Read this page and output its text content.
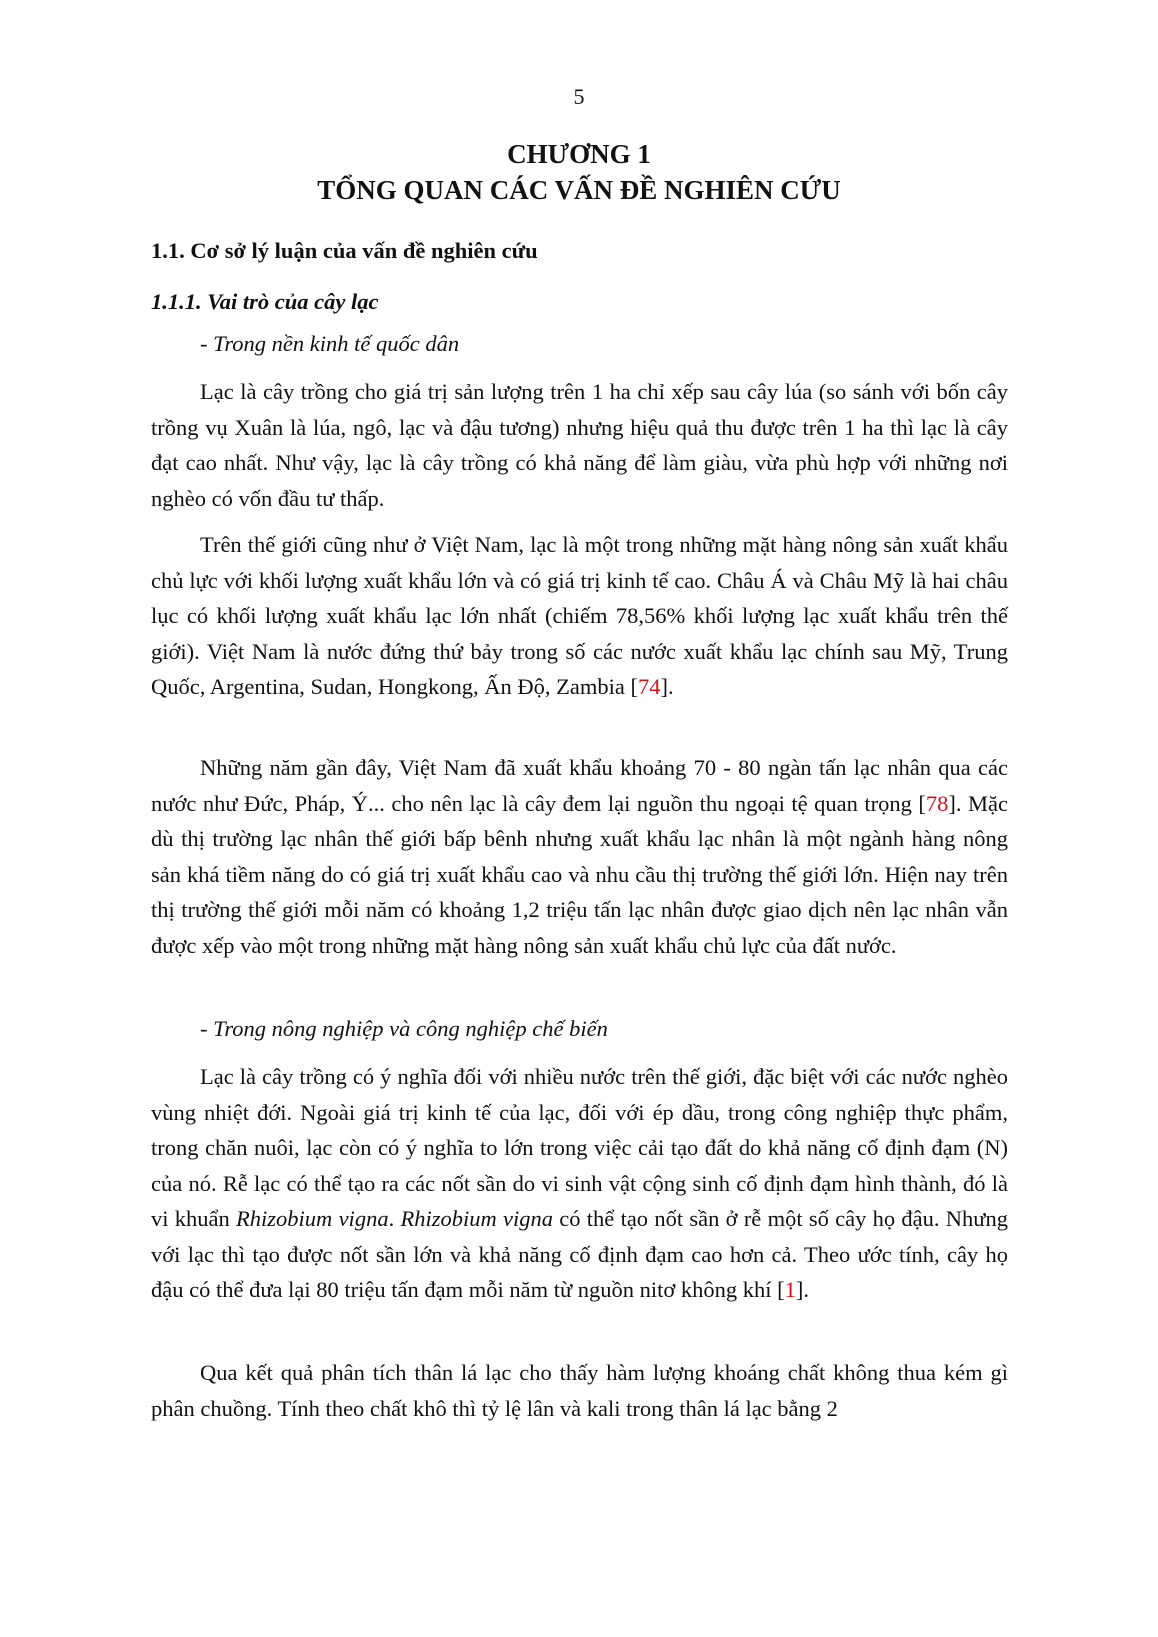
5
CHƯƠNG 1
TỔNG QUAN CÁC VẤN ĐỀ NGHIÊN CỨU
1.1. Cơ sở lý luận của vấn đề nghiên cứu
1.1.1. Vai trò của cây lạc
- Trong nền kinh tế quốc dân

Lạc là cây trồng cho giá trị sản lượng trên 1 ha chỉ xếp sau cây lúa (so sánh với bốn cây trồng vụ Xuân là lúa, ngô, lạc và đậu tương) nhưng hiệu quả thu được trên 1 ha thì lạc là cây đạt cao nhất. Như vậy, lạc là cây trồng có khả năng để làm giàu, vừa phù hợp với những nơi nghèo có vốn đầu tư thấp.

Trên thế giới cũng như ở Việt Nam, lạc là một trong những mặt hàng nông sản xuất khẩu chủ lực với khối lượng xuất khẩu lớn và có giá trị kinh tế cao. Châu Á và Châu Mỹ là hai châu lục có khối lượng xuất khẩu lạc lớn nhất (chiếm 78,56% khối lượng lạc xuất khẩu trên thế giới). Việt Nam là nước đứng thứ bảy trong số các nước xuất khẩu lạc chính sau Mỹ, Trung Quốc, Argentina, Sudan, Hongkong, Ấn Độ, Zambia [74].

Những năm gần đây, Việt Nam đã xuất khẩu khoảng 70 - 80 ngàn tấn lạc nhân qua các nước như Đức, Pháp, Ý... cho nên lạc là cây đem lại nguồn thu ngoại tệ quan trọng [78]. Mặc dù thị trường lạc nhân thế giới bấp bênh nhưng xuất khẩu lạc nhân là một ngành hàng nông sản khá tiềm năng do có giá trị xuất khẩu cao và nhu cầu thị trường thế giới lớn. Hiện nay trên thị trường thế giới mỗi năm có khoảng 1,2 triệu tấn lạc nhân được giao dịch nên lạc nhân vẫn được xếp vào một trong những mặt hàng nông sản xuất khẩu chủ lực của đất nước.

- Trong nông nghiệp và công nghiệp chế biến

Lạc là cây trồng có ý nghĩa đối với nhiều nước trên thế giới, đặc biệt với các nước nghèo vùng nhiệt đới. Ngoài giá trị kinh tế của lạc, đối với ép dầu, trong công nghiệp thực phẩm, trong chăn nuôi, lạc còn có ý nghĩa to lớn trong việc cải tạo đất do khả năng cố định đạm (N) của nó. Rễ lạc có thể tạo ra các nốt sần do vi sinh vật cộng sinh cố định đạm hình thành, đó là vi khuẩn Rhizobium vigna. Rhizobium vigna có thể tạo nốt sần ở rễ một số cây họ đậu. Nhưng với lạc thì tạo được nốt sần lớn và khả năng cố định đạm cao hơn cả. Theo ước tính, cây họ đậu có thể đưa lại 80 triệu tấn đạm mỗi năm từ nguồn nitơ không khí [1].

Qua kết quả phân tích thân lá lạc cho thấy hàm lượng khoáng chất không thua kém gì phân chuồng. Tính theo chất khô thì tỷ lệ lân và kali trong thân lá lạc bằng 2
